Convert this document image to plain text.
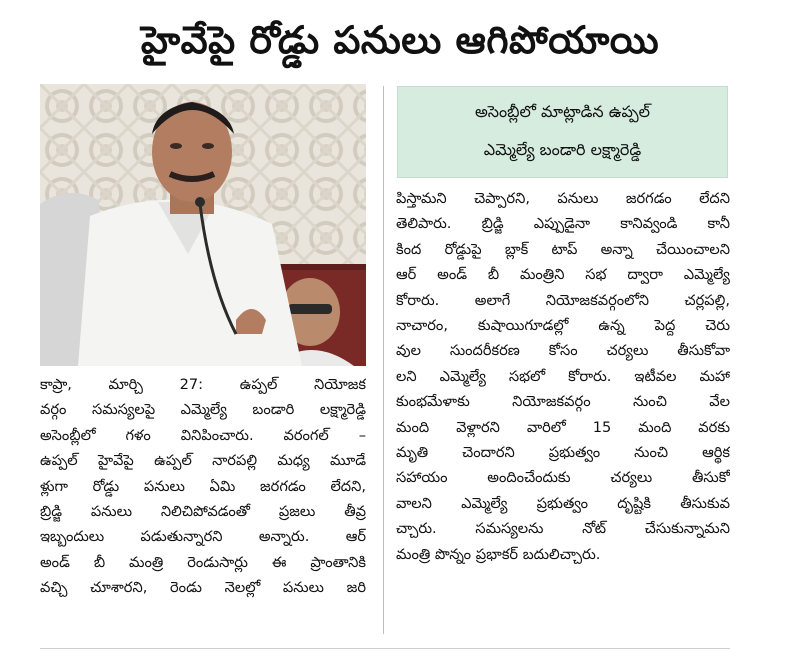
హైవేపై రోడ్డు పనులు ఆగిపోయాయి
అసెంబ్లీలో మాట్లాడిన ఉప్పల్
ఎమ్మెల్యే బండారి లక్ష్మారెడ్డి
కాప్రా, మార్చి 27: ఉప్పల్ నియోజక
వర్గం సమస్యలపై ఎమ్మెల్యే బండారి లక్ష్మారెడ్డి
అసెంబ్లీలో గళం వినిపించారు. వరంగల్ –
ఉప్పల్ హైవేపై ఉప్పల్ నారపల్లి మధ్య మూడే
ళ్లుగా రోడ్డు పనులు ఏమి జరగడం లేదని,
బ్రిడ్జి పనులు నిలిచిపోవడంతో ప్రజలు తీవ్ర
ఇబ్బందులు పడుతున్నారని అన్నారు. ఆర్
అండ్ బీ మంత్రి రెండుసార్లు ఈ ప్రాంతానికి
వచ్చి చూశారని, రెండు నెలల్లో పనులు జరి
పిస్తామని చెప్పారని, పనులు జరగడం లేదని
తెలిపారు. బ్రిడ్జి ఎప్పుడైనా కానివ్వండి కానీ
కింద రోడ్డుపై బ్లాక్ టాప్ అన్నా చేయించాలని
ఆర్ అండ్ బీ మంత్రిని సభ ద్వారా ఎమ్మెల్యే
కోరారు. అలాగే నియోజకవర్గంలోని చర్లపల్లి,
నాచారం, కుషాయిగూడల్లో ఉన్న పెద్ద చెరు
వుల సుందరీకరణ కోసం చర్యలు తీసుకోవా
లని ఎమ్మెల్యే సభలో కోరారు. ఇటీవల మహా
కుంభమేళాకు నియోజకవర్గం నుంచి వేల
మంది వెళ్లారని వారిలో 15 మంది వరకు
మృతి చెందారని ప్రభుత్వం నుంచి ఆర్థిక
సహాయం అందించేందుకు చర్యలు తీసుకో
వాలని ఎమ్మెల్యే ప్రభుత్వం దృష్టికి తీసుకువ
చ్చారు. సమస్యలను నోట్ చేసుకున్నామని
మంత్రి పొన్నం ప్రభాకర్ బదులిచ్చారు.
